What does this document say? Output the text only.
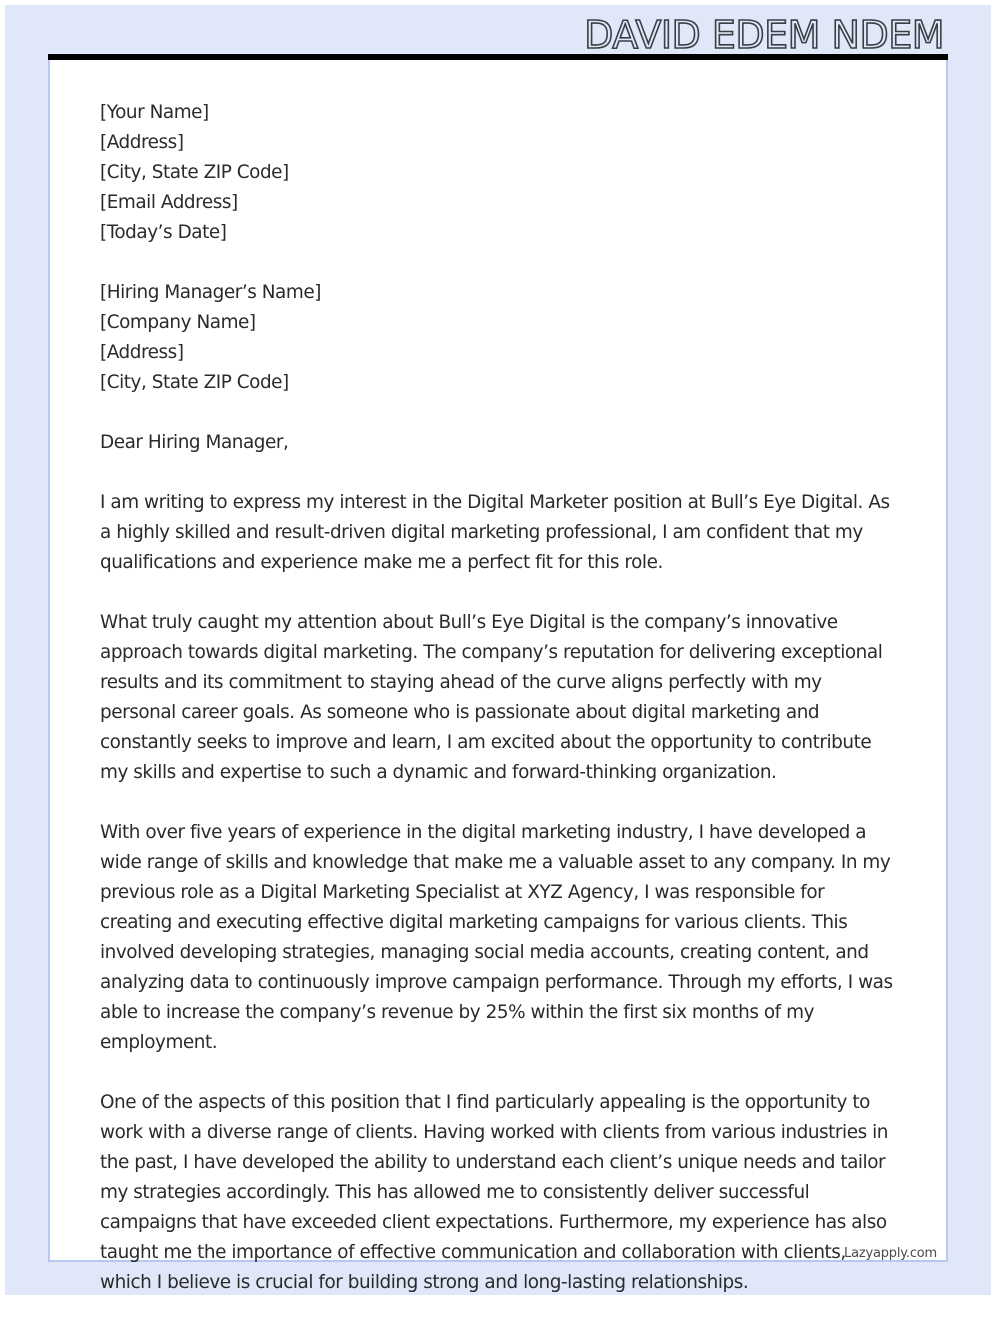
DAVID EDEM NDEM
[Your Name]
[Address]
[City, State ZIP Code]
[Email Address]
[Today’s Date]
[Hiring Manager’s Name]
[Company Name]
[Address]
[City, State ZIP Code]

Dear Hiring Manager,

I am writing to express my interest in the Digital Marketer position at Bull’s Eye Digital. As a highly skilled and result-driven digital marketing professional, I am confident that my qualifications and experience make me a perfect fit for this role.

What truly caught my attention about Bull’s Eye Digital is the company’s innovative approach towards digital marketing. The company’s reputation for delivering exceptional results and its commitment to staying ahead of the curve aligns perfectly with my personal career goals. As someone who is passionate about digital marketing and constantly seeks to improve and learn, I am excited about the opportunity to contribute my skills and expertise to such a dynamic and forward-thinking organization.

With over five years of experience in the digital marketing industry, I have developed a wide range of skills and knowledge that make me a valuable asset to any company. In my previous role as a Digital Marketing Specialist at XYZ Agency, I was responsible for creating and executing effective digital marketing campaigns for various clients. This involved developing strategies, managing social media accounts, creating content, and analyzing data to continuously improve campaign performance. Through my efforts, I was able to increase the company’s revenue by 25% within the first six months of my employment.

One of the aspects of this position that I find particularly appealing is the opportunity to work with a diverse range of clients. Having worked with clients from various industries in the past, I have developed the ability to understand each client’s unique needs and tailor my strategies accordingly. This has allowed me to consistently deliver successful campaigns that have exceeded client expectations. Furthermore, my experience has also taught me the importance of effective communication and collaboration with clients, which I believe is crucial for building strong and long-lasting relationships.

Lazyapply.com
